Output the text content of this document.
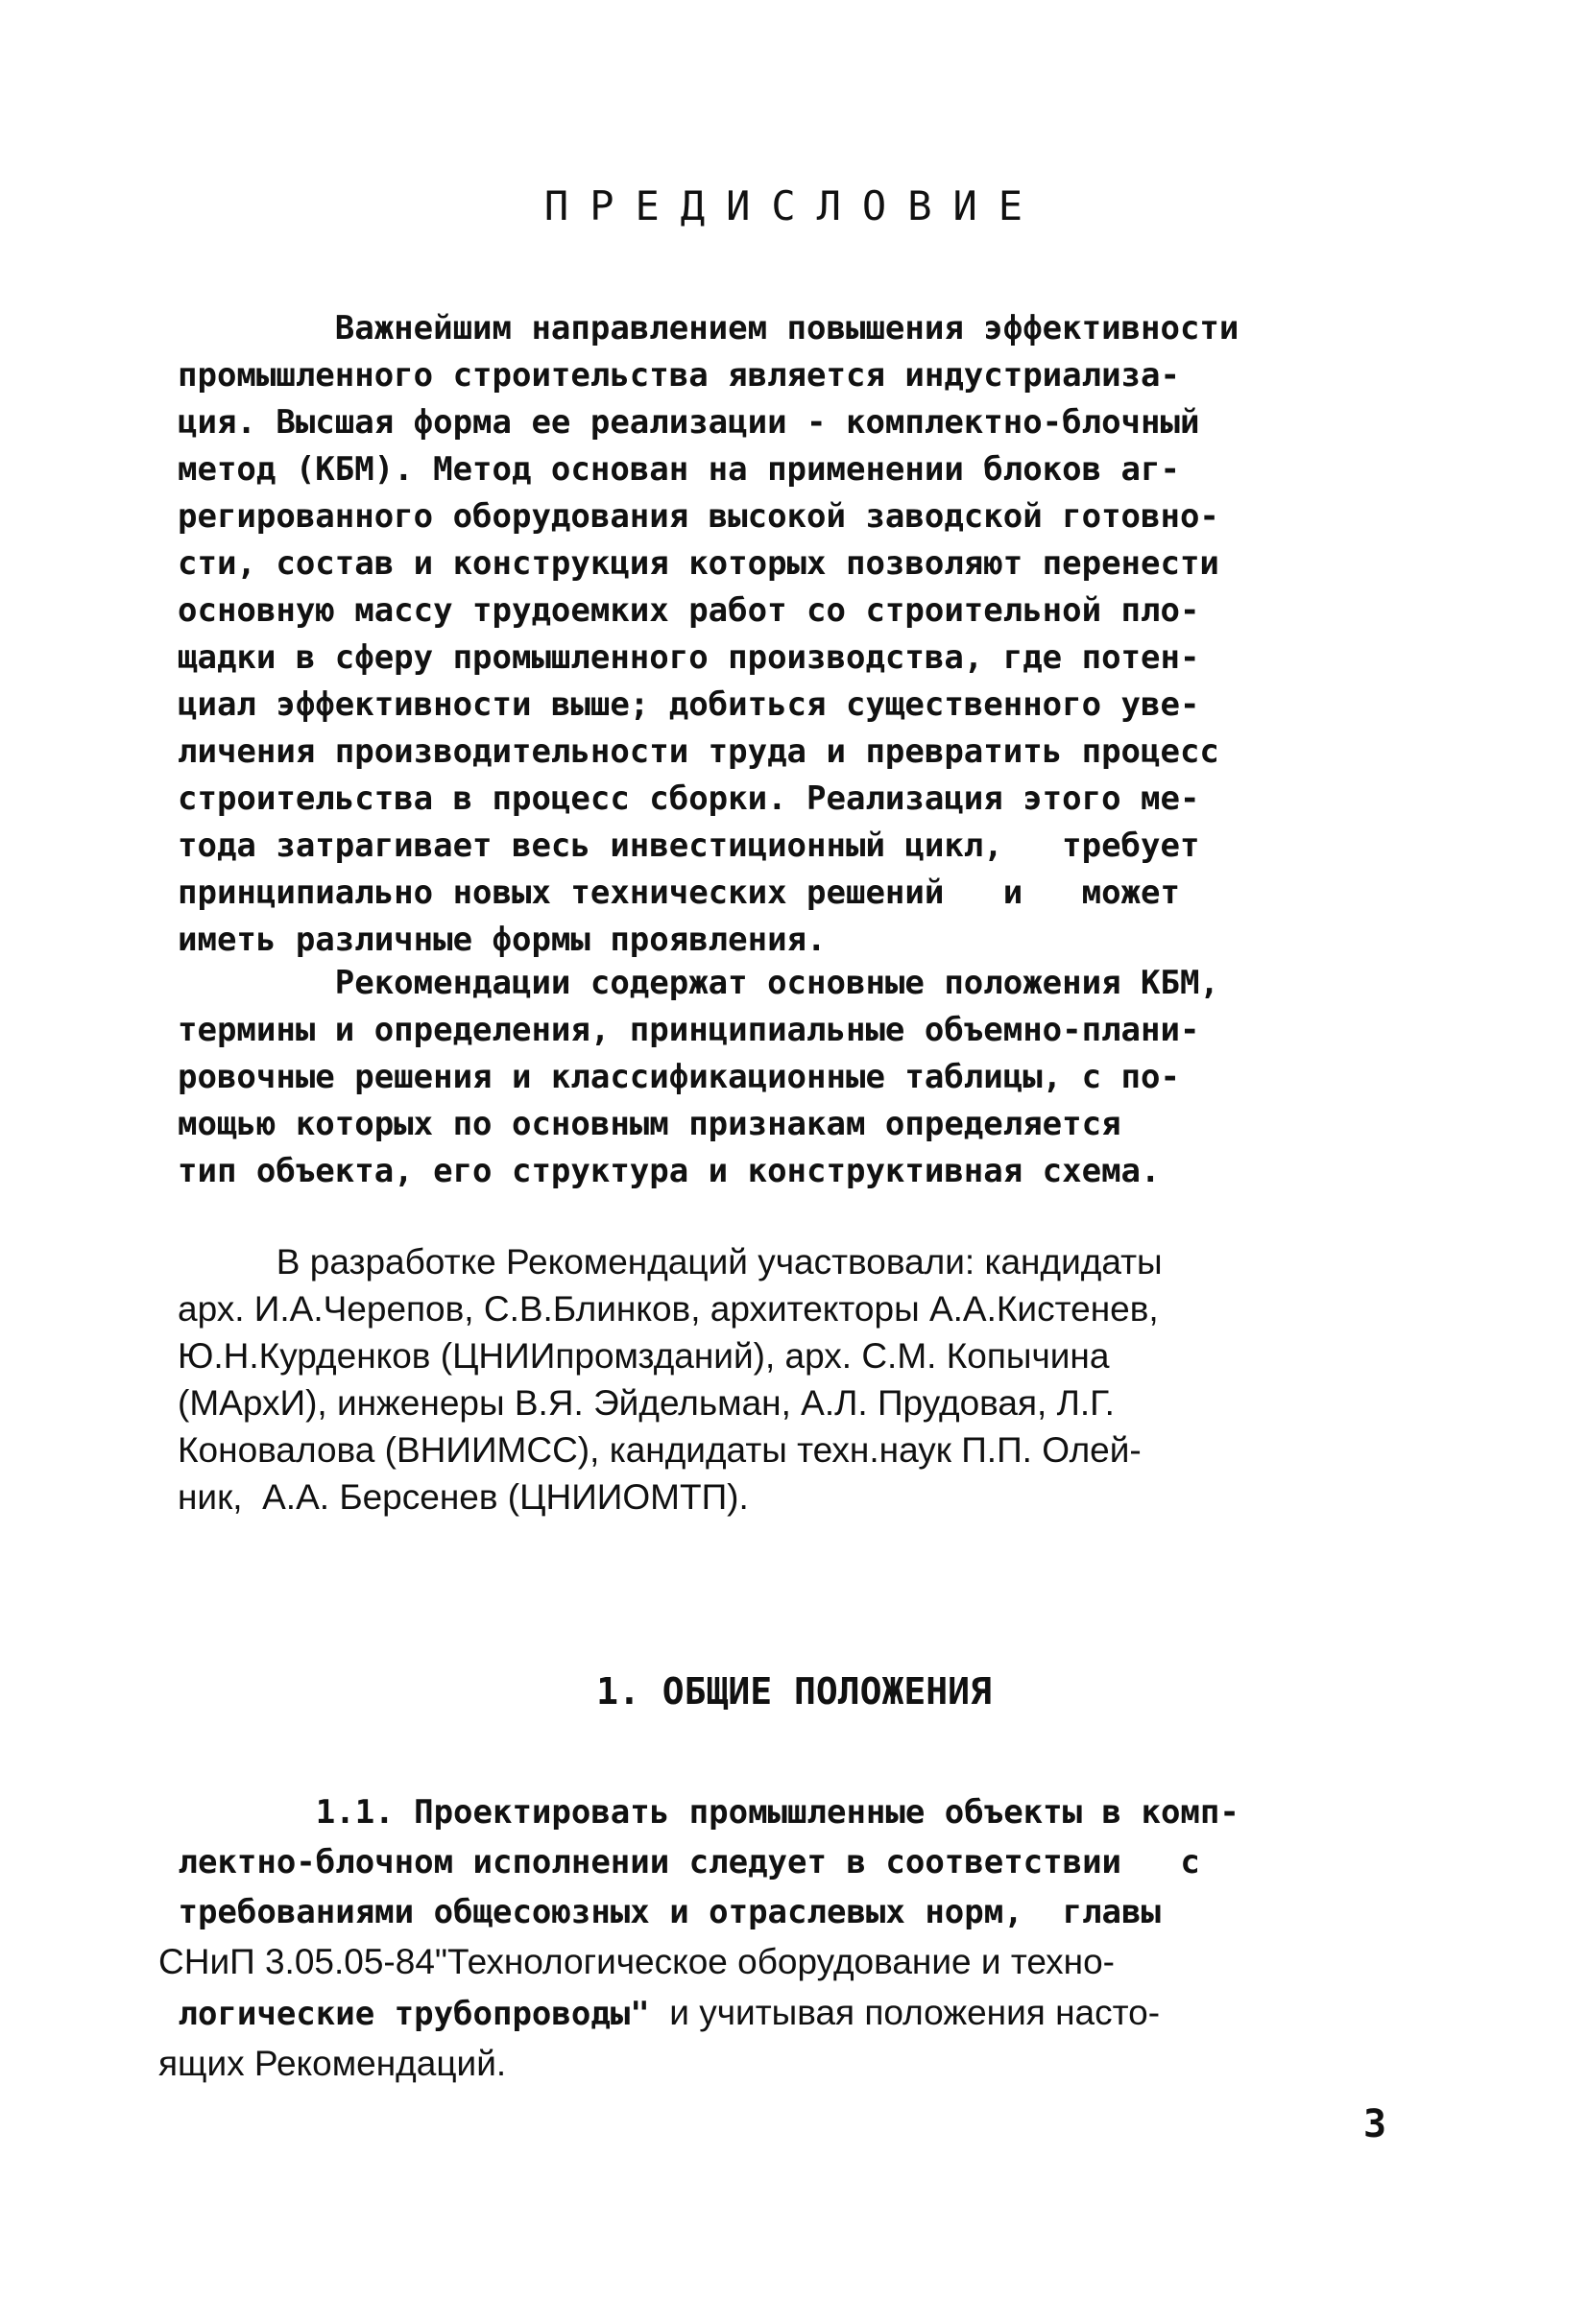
ПРЕДИСЛОВИЕ

Важнейшим направлением повышения эффективности
промышленного строительства является индустриализа-
ция. Высшая форма ее реализации - комплектно-блочный
метод (КБМ). Метод основан на применении блоков аг-
регированного оборудования высокой заводской готовно-
сти, состав и конструкция которых позволяют перенести
основную массу трудоемких работ со строительной пло-
щадки в сферу промышленного производства, где потен-
циал эффективности выше; добиться существенного уве-
личения производительности труда и превратить процесс
строительства в процесс сборки. Реализация этого ме-
тода затрагивает весь инвестиционный цикл,   требует
принципиально новых технических решений   и   может
иметь различные формы проявления.

Рекомендации содержат основные положения КБМ,
термины и определения, принципиальные объемно-плани-
ровочные решения и классификационные таблицы, с по-
мощью которых по основным признакам определяется
тип объекта, его структура и конструктивная схема.

В разработке Рекомендаций участвовали: кандидаты
арх. И.А.Черепов, С.В.Блинков, архитекторы А.А.Кистенев,
Ю.Н.Курденков (ЦНИИпромзданий), арх. С.М. Копычина
(МАрхИ), инженеры В.Я. Эйдельман, А.Л. Прудовая, Л.Г.
Коновалова (ВНИИМСС), кандидаты техн.наук П.П. Олей-
ник,  А.А. Берсенев (ЦНИИОМТП).

1. ОБЩИЕ ПОЛОЖЕНИЯ
1.1. Проектировать промышленные объекты в комп-
лектно-блочном исполнении следует в соответствии   с
требованиями общесоюзных и отраслевых норм,  главы
СНиП 3.05.05-84"Технологическое оборудование и техно-
логические трубопроводы"  и учитывая положения насто-
ящих Рекомендаций.
3
